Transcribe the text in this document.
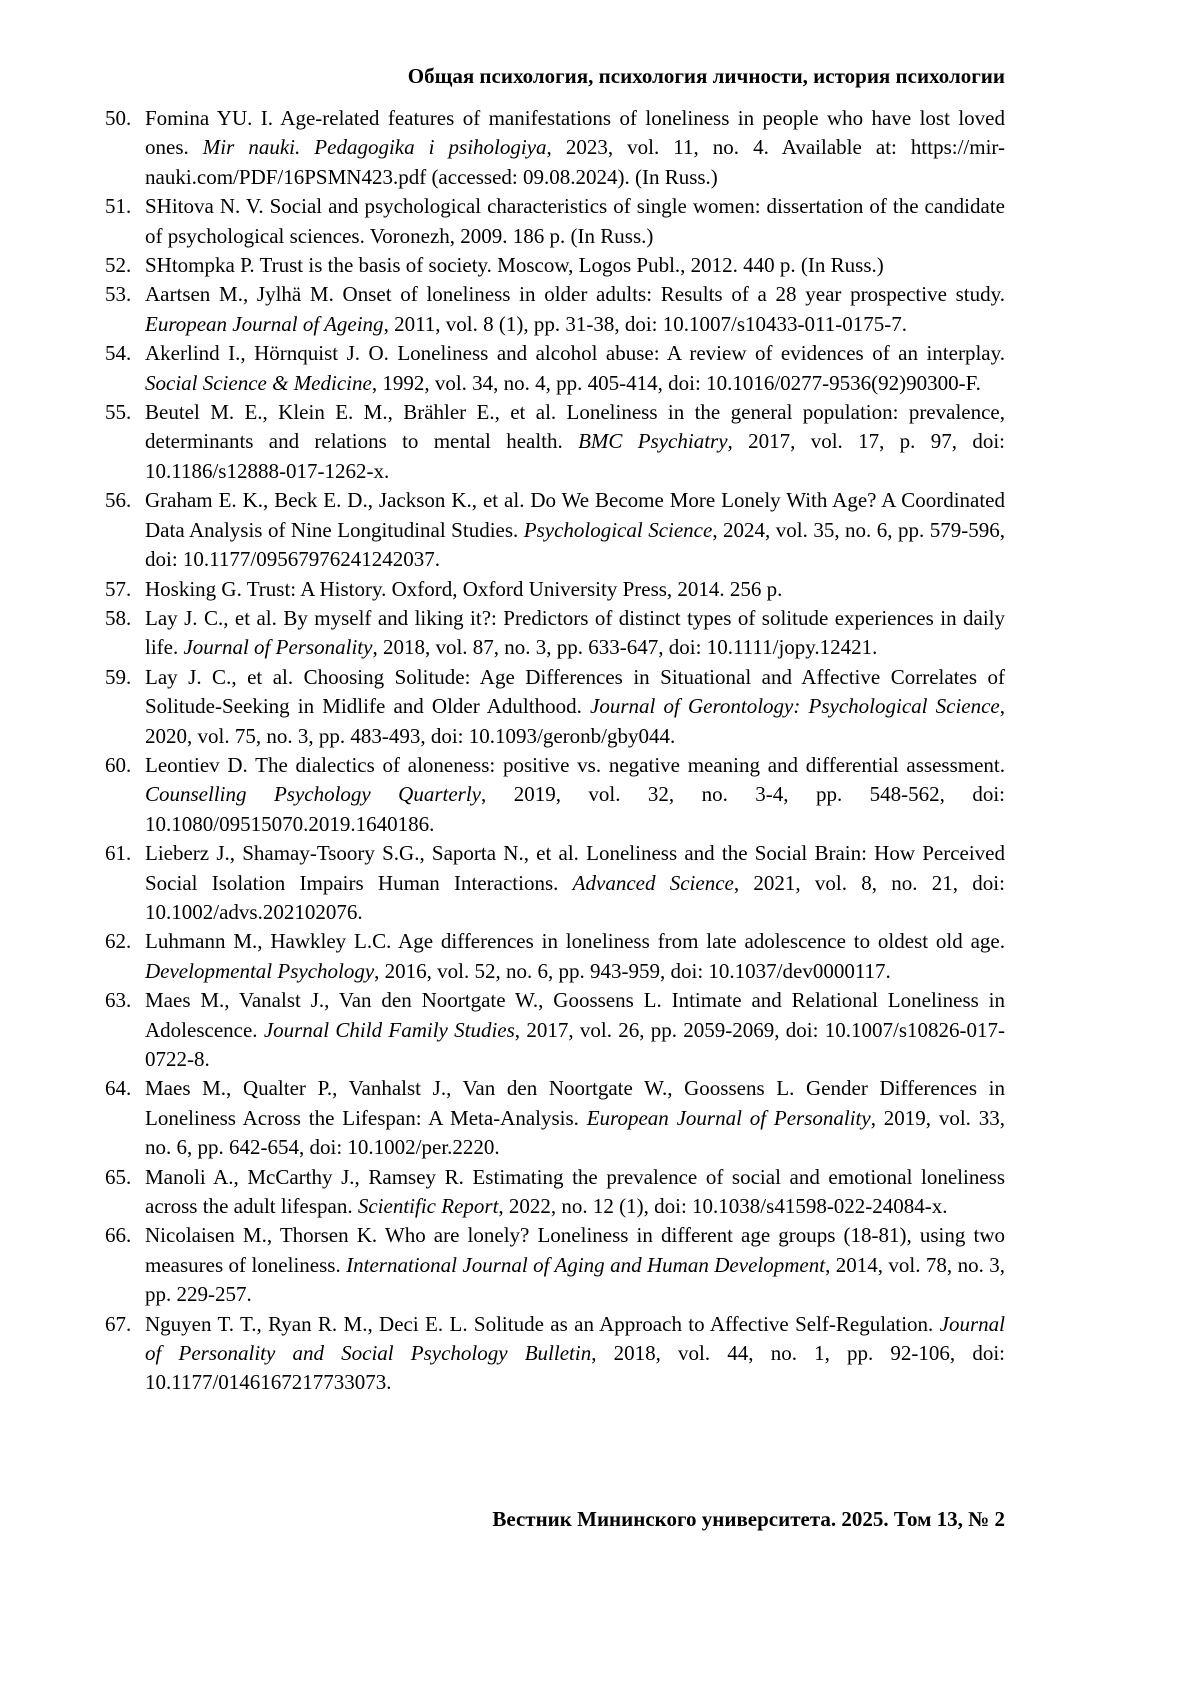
Общая психология, психология личности, история психологии
50. Fomina YU. I. Age-related features of manifestations of loneliness in people who have lost loved ones. Mir nauki. Pedagogika i psihologiya, 2023, vol. 11, no. 4. Available at: https://mir-nauki.com/PDF/16PSMN423.pdf (accessed: 09.08.2024). (In Russ.)
51. SHitova N. V. Social and psychological characteristics of single women: dissertation of the candidate of psychological sciences. Voronezh, 2009. 186 p. (In Russ.)
52. SHtompka P. Trust is the basis of society. Moscow, Logos Publ., 2012. 440 p. (In Russ.)
53. Aartsen M., Jylhä M. Onset of loneliness in older adults: Results of a 28 year prospective study. European Journal of Ageing, 2011, vol. 8 (1), pp. 31-38, doi: 10.1007/s10433-011-0175-7.
54. Akerlind I., Hörnquist J. O. Loneliness and alcohol abuse: A review of evidences of an interplay. Social Science & Medicine, 1992, vol. 34, no. 4, pp. 405-414, doi: 10.1016/0277-9536(92)90300-F.
55. Beutel M. E., Klein E. M., Brähler E., et al. Loneliness in the general population: prevalence, determinants and relations to mental health. BMC Psychiatry, 2017, vol. 17, p. 97, doi: 10.1186/s12888-017-1262-x.
56. Graham E. K., Beck E. D., Jackson K., et al. Do We Become More Lonely With Age? A Coordinated Data Analysis of Nine Longitudinal Studies. Psychological Science, 2024, vol. 35, no. 6, pp. 579-596, doi: 10.1177/09567976241242037.
57. Hosking G. Trust: A History. Oxford, Oxford University Press, 2014. 256 p.
58. Lay J. C., et al. By myself and liking it?: Predictors of distinct types of solitude experiences in daily life. Journal of Personality, 2018, vol. 87, no. 3, pp. 633-647, doi: 10.1111/jopy.12421.
59. Lay J. C., et al. Choosing Solitude: Age Differences in Situational and Affective Correlates of Solitude-Seeking in Midlife and Older Adulthood. Journal of Gerontology: Psychological Science, 2020, vol. 75, no. 3, pp. 483-493, doi: 10.1093/geronb/gby044.
60. Leontiev D. The dialectics of aloneness: positive vs. negative meaning and differential assessment. Counselling Psychology Quarterly, 2019, vol. 32, no. 3-4, pp. 548-562, doi: 10.1080/09515070.2019.1640186.
61. Lieberz J., Shamay-Tsoory S.G., Saporta N., et al. Loneliness and the Social Brain: How Perceived Social Isolation Impairs Human Interactions. Advanced Science, 2021, vol. 8, no. 21, doi: 10.1002/advs.202102076.
62. Luhmann M., Hawkley L.C. Age differences in loneliness from late adolescence to oldest old age. Developmental Psychology, 2016, vol. 52, no. 6, pp. 943-959, doi: 10.1037/dev0000117.
63. Maes M., Vanalst J., Van den Noortgate W., Goossens L. Intimate and Relational Loneliness in Adolescence. Journal Child Family Studies, 2017, vol. 26, pp. 2059-2069, doi: 10.1007/s10826-017-0722-8.
64. Maes M., Qualter P., Vanhalst J., Van den Noortgate W., Goossens L. Gender Differences in Loneliness Across the Lifespan: A Meta-Analysis. European Journal of Personality, 2019, vol. 33, no. 6, pp. 642-654, doi: 10.1002/per.2220.
65. Manoli A., McCarthy J., Ramsey R. Estimating the prevalence of social and emotional loneliness across the adult lifespan. Scientific Report, 2022, no. 12 (1), doi: 10.1038/s41598-022-24084-x.
66. Nicolaisen M., Thorsen K. Who are lonely? Loneliness in different age groups (18-81), using two measures of loneliness. International Journal of Aging and Human Development, 2014, vol. 78, no. 3, pp. 229-257.
67. Nguyen T. T., Ryan R. M., Deci E. L. Solitude as an Approach to Affective Self-Regulation. Journal of Personality and Social Psychology Bulletin, 2018, vol. 44, no. 1, pp. 92-106, doi: 10.1177/0146167217733073.
Вестник Мининского университета. 2025. Том 13, № 2
